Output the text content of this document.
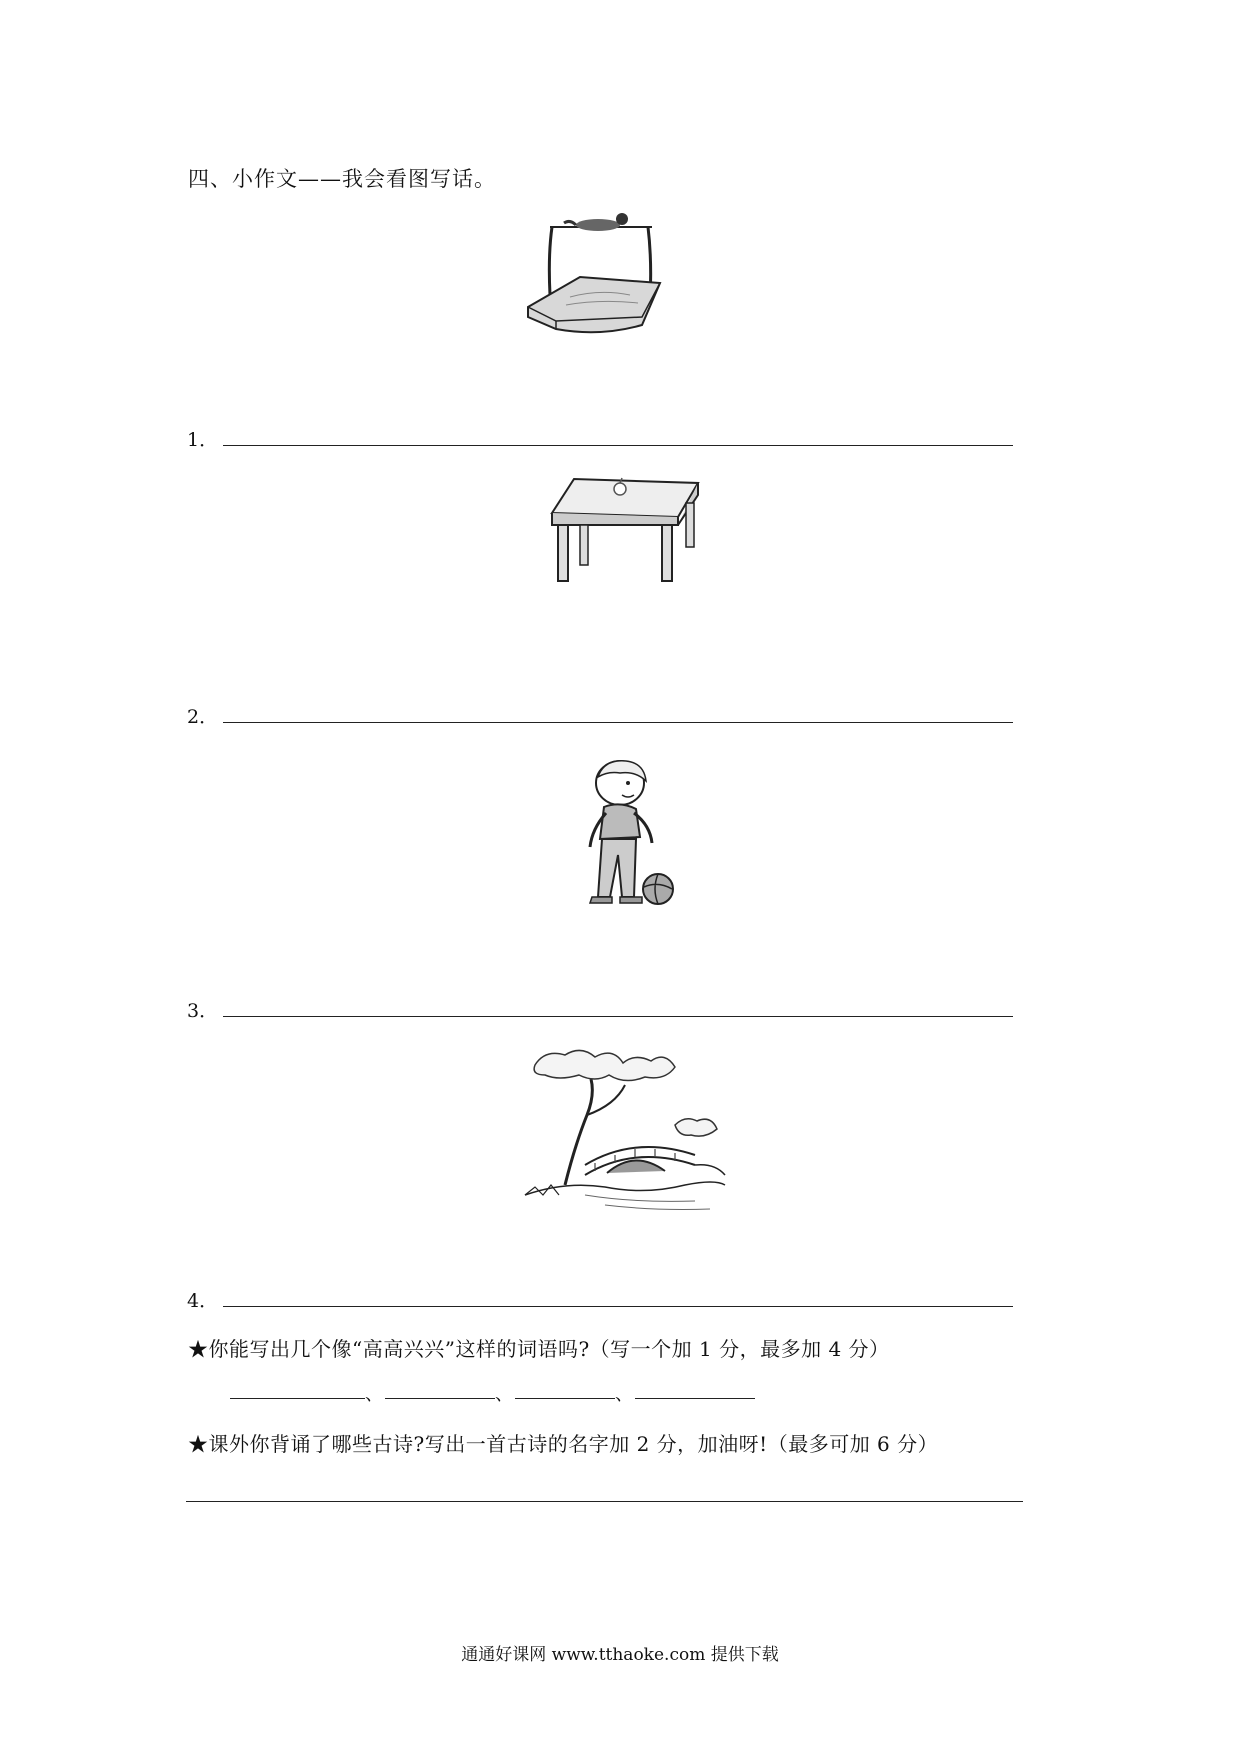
四、小作文——我会看图写话。
1．
2．
3．
4．
★你能写出几个像“高高兴兴”这样的词语吗?（写一个加 1 分，最多加 4 分）
、	、	、
★课外你背诵了哪些古诗?写出一首古诗的名字加 2 分，加油呀!（最多可加 6 分）
通通好课网 www.tthaoke.com 提供下载
